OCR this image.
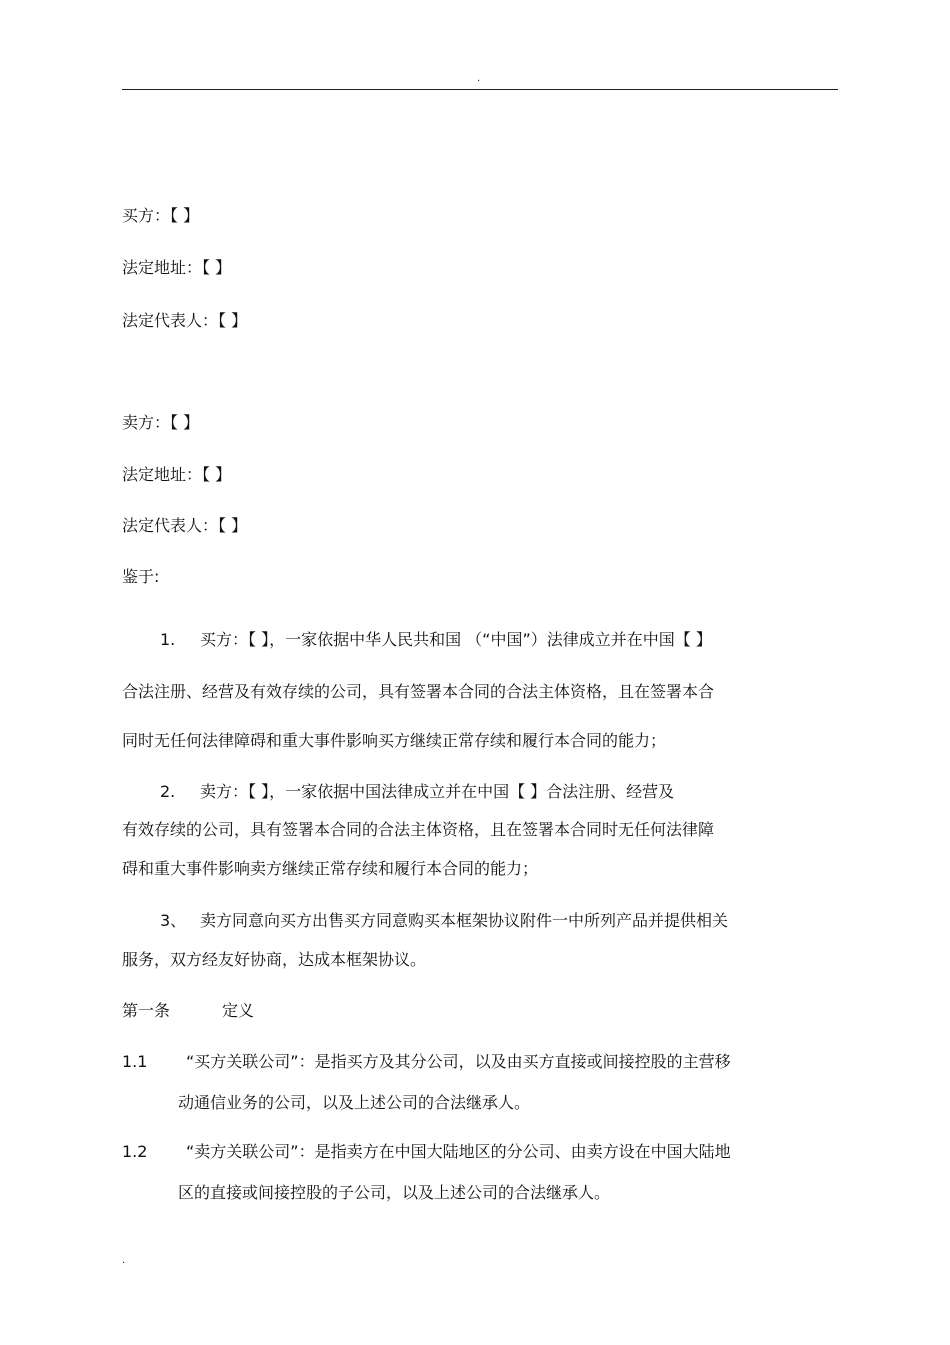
.
买方：【 】
法定地址：【 】
法定代表人：【 】
卖方：【 】
法定地址：【 】
法定代表人：【 】
鉴于:
1. 买方：【 】，一家依据中华人民共和国 （“中国”）法律成立并在中国【 】
合法注册、经营及有效存续的公司，具有签署本合同的合法主体资格，且在签署本合
同时无任何法律障碍和重大事件影响买方继续正常存续和履行本合同的能力；
2. 卖方：【 】，一家依据中国法律成立并在中国【 】合法注册、经营及
有效存续的公司，具有签署本合同的合法主体资格，且在签署本合同时无任何法律障
碍和重大事件影响卖方继续正常存续和履行本合同的能力；
3、 卖方同意向买方出售买方同意购买本框架协议附件一中所列产品并提供相关
服务，双方经友好协商，达成本框架协议。
第一条	定义
1.1 “买方关联公司”：是指买方及其分公司，以及由买方直接或间接控股的主营移
动通信业务的公司，以及上述公司的合法继承人。
1.2 “卖方关联公司”：是指卖方在中国大陆地区的分公司、由卖方设在中国大陆地
区的直接或间接控股的子公司，以及上述公司的合法继承人。
.
